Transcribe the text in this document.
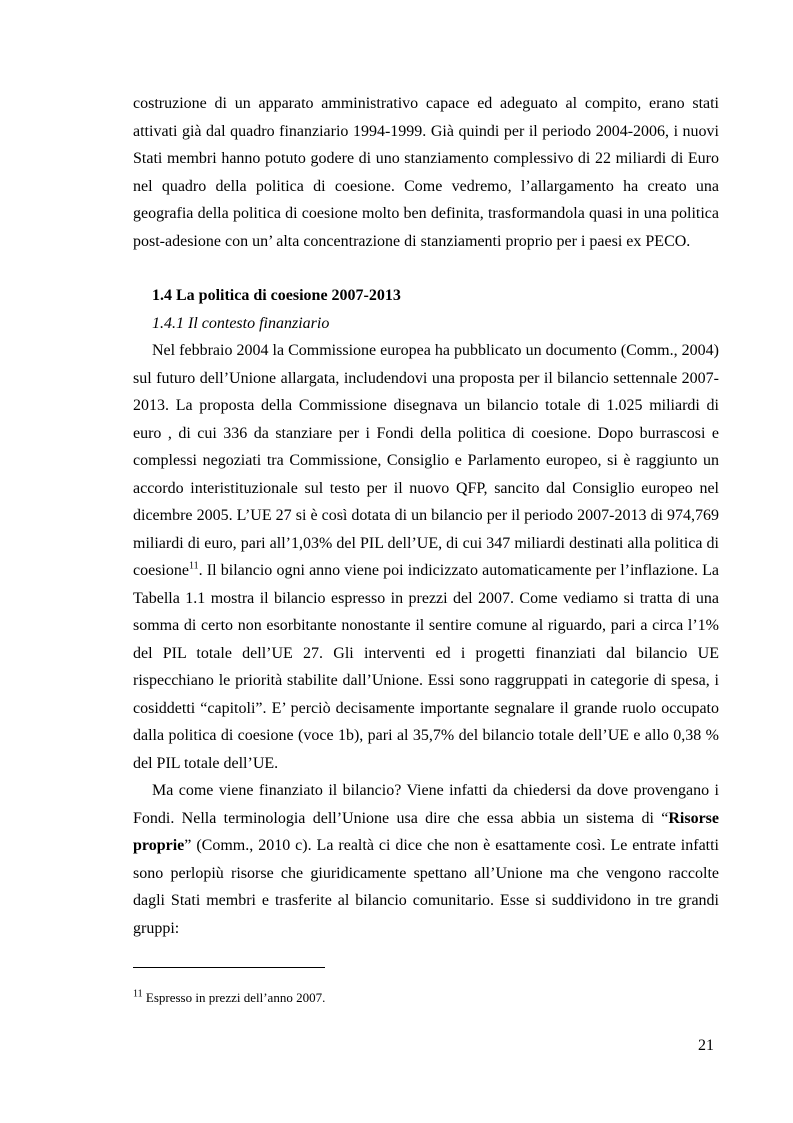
costruzione di un apparato amministrativo capace ed adeguato al compito, erano stati attivati già dal quadro finanziario 1994-1999. Già quindi per il periodo 2004-2006, i nuovi Stati membri hanno potuto godere di uno stanziamento complessivo di 22 miliardi di Euro nel quadro della politica di coesione. Come vedremo, l’allargamento ha creato una geografia della politica di coesione molto ben definita, trasformandola quasi in una politica post-adesione con un’ alta concentrazione di stanziamenti proprio per i paesi ex PECO.

1.4 La politica di coesione 2007-2013
1.4.1 Il contesto finanziario

Nel febbraio 2004 la Commissione europea ha pubblicato un documento (Comm., 2004) sul futuro dell’Unione allargata, includendovi una proposta per il bilancio settennale 2007-2013. La proposta della Commissione disegnava un bilancio totale di 1.025 miliardi di euro , di cui 336 da stanziare per i Fondi della politica di coesione. Dopo burrascosi e complessi negoziati tra Commissione, Consiglio e Parlamento europeo, si è raggiunto un accordo interistituzionale sul testo per il nuovo QFP, sancito dal Consiglio europeo nel dicembre 2005. L’UE 27 si è così dotata di un bilancio per il periodo 2007-2013 di 974,769 miliardi di euro, pari all’1,03% del PIL dell’UE, di cui 347 miliardi destinati alla politica di coesione$^{11}$. Il bilancio ogni anno viene poi indicizzato automaticamente per l’inflazione. La Tabella 1.1 mostra il bilancio espresso in prezzi del 2007. Come vediamo si tratta di una somma di certo non esorbitante nonostante il sentire comune al riguardo, pari a circa l’1% del PIL totale dell’UE 27. Gli interventi ed i progetti finanziati dal bilancio UE rispecchiano le priorità stabilite dall’Unione. Essi sono raggruppati in categorie di spesa, i cosiddetti “capitoli”. E’ perciò decisamente importante segnalare il grande ruolo occupato dalla politica di coesione (voce 1b), pari al 35,7% del bilancio totale dell’UE e allo 0,38 % del PIL totale dell’UE.

Ma come viene finanziato il bilancio? Viene infatti da chiedersi da dove provengano i Fondi. Nella terminologia dell’Unione usa dire che essa abbia un sistema di “Risorse proprie” (Comm., 2010 c). La realtà ci dice che non è esattamente così. Le entrate infatti sono perlopiù risorse che giuridicamente spettano all’Unione ma che vengono raccolte dagli Stati membri e trasferite al bilancio comunitario. Esse si suddividono in tre grandi gruppi:

$^{11}$ Espresso in prezzi dell’anno 2007.
21
